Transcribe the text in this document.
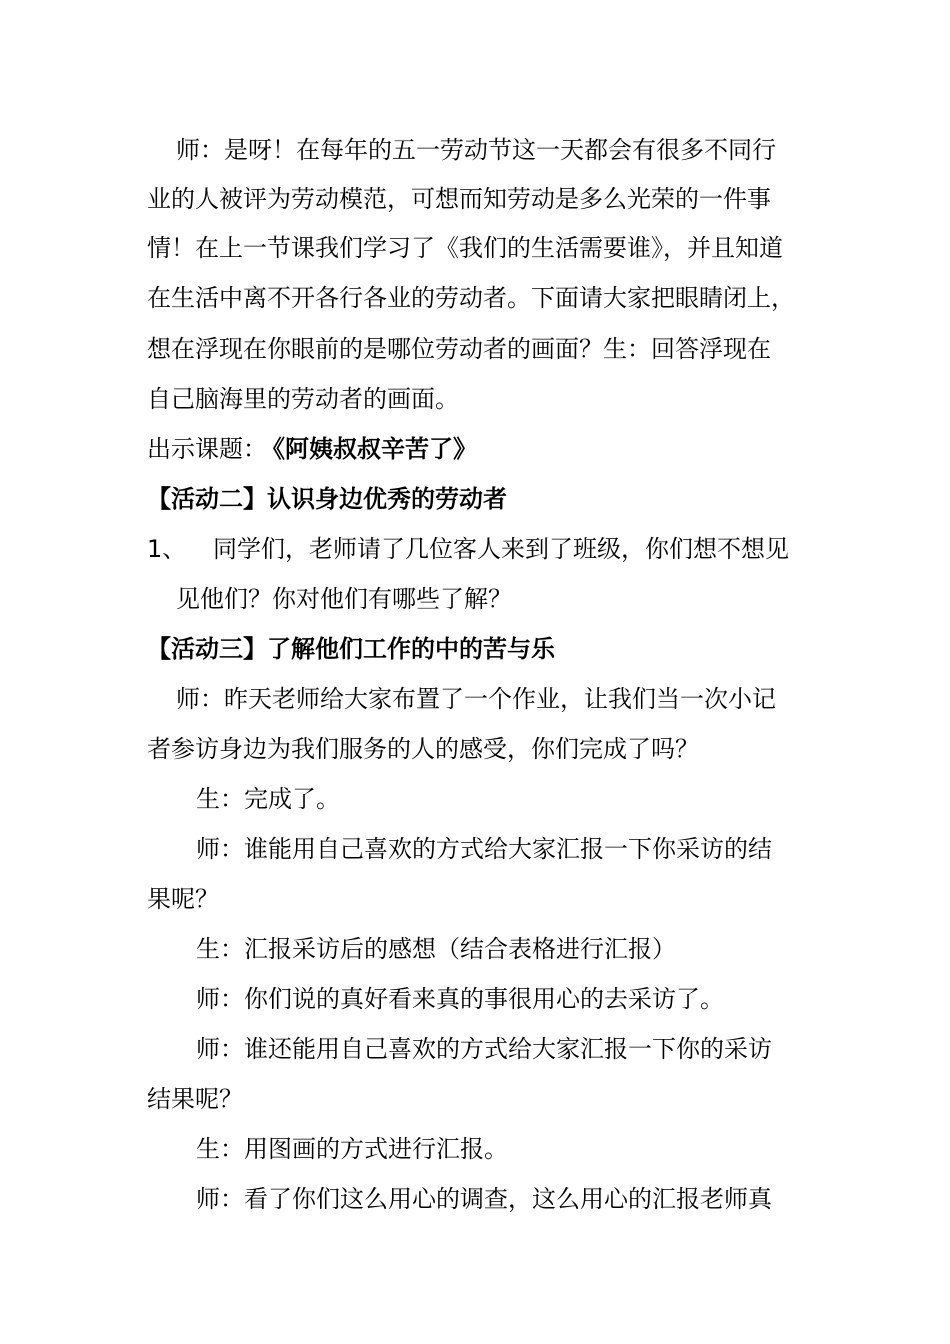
师：是呀！在每年的五一劳动节这一天都会有很多不同行
业的人被评为劳动模范，可想而知劳动是多么光荣的一件事
情！在上一节课我们学习了《我们的生活需要谁》，并且知道
在生活中离不开各行各业的劳动者。下面请大家把眼睛闭上，
想在浮现在你眼前的是哪位劳动者的画面？生：回答浮现在
自己脑海里的劳动者的画面。
出示课题： 《阿姨叔叔辛苦了》
【活动二】认识身边优秀的劳动者
1、 同学们，老师请了几位客人来到了班级，你们想不想见
见他们？你对他们有哪些了解？
【活动三】了解他们工作的中的苦与乐
师：昨天老师给大家布置了一个作业，让我们当一次小记
者参访身边为我们服务的人的感受，你们完成了吗？
生：完成了。
师：谁能用自己喜欢的方式给大家汇报一下你采访的结
果呢？
生：汇报采访后的感想（结合表格进行汇报）
师：你们说的真好看来真的事很用心的去采访了。
师：谁还能用自己喜欢的方式给大家汇报一下你的采访
结果呢？
生：用图画的方式进行汇报。
师：看了你们这么用心的调查，这么用心的汇报老师真
